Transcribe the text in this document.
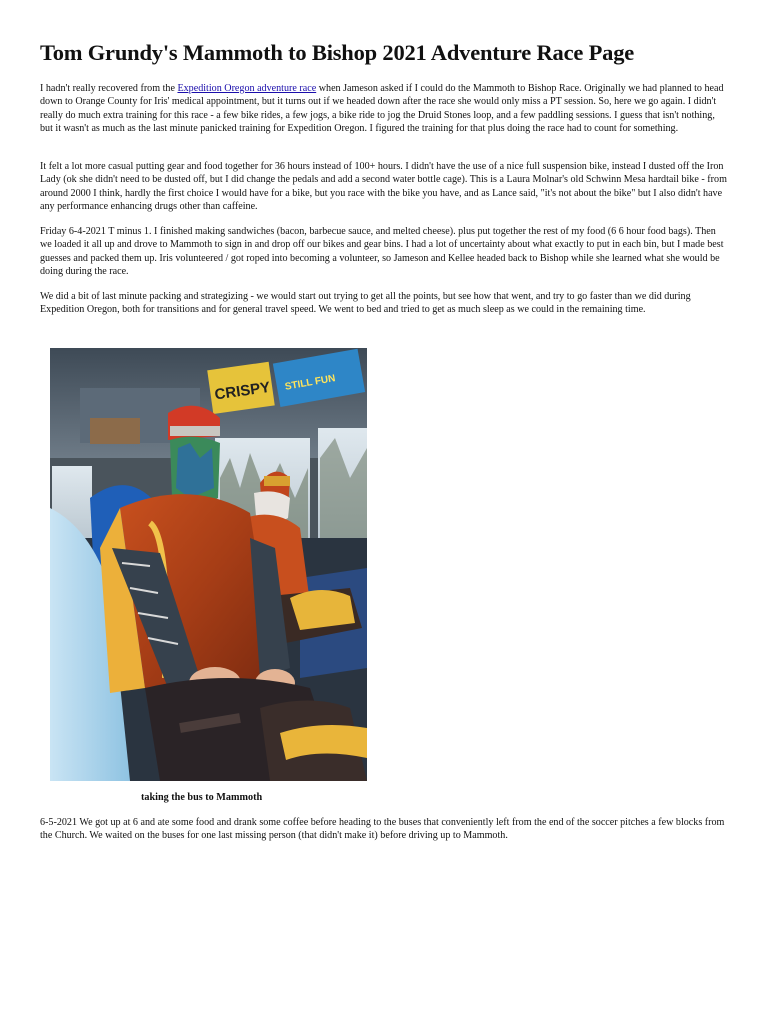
Tom Grundy's Mammoth to Bishop 2021 Adventure Race Page

I hadn't really recovered from the Expedition Oregon adventure race when Jameson asked if I could do the Mammoth to Bishop Race. Originally we had planned to head down to Orange County for Iris' medical appointment, but it turns out if we headed down after the race she would only miss a PT session. So, here we go again. I didn't really do much extra training for this race - a few bike rides, a few jogs, a bike ride to jog the Druid Stones loop, and a few paddling sessions. I guess that isn't nothing, but it wasn't as much as the last minute panicked training for Expedition Oregon. I figured the training for that plus doing the race had to count for something.

It felt a lot more casual putting gear and food together for 36 hours instead of 100+ hours. I didn't have the use of a nice full suspension bike, instead I dusted off the Iron Lady (ok she didn't need to be dusted off, but I did change the pedals and add a second water bottle cage). This is a Laura Molnar's old Schwinn Mesa hardtail bike - from around 2000 I think, hardly the first choice I would have for a bike, but you race with the bike you have, and as Lance said, "it's not about the bike" but I also didn't have any performance enhancing drugs other than caffeine.

Friday 6-4-2021 T minus 1. I finished making sandwiches (bacon, barbecue sauce, and melted cheese). plus put together the rest of my food (6 6 hour food bags). Then we loaded it all up and drove to Mammoth to sign in and drop off our bikes and gear bins. I had a lot of uncertainty about what exactly to put in each bin, but I made best guesses and packed them up. Iris volunteered / got roped into becoming a volunteer, so Jameson and Kellee headed back to Bishop while she learned what she would be doing during the race.

We did a bit of last minute packing and strategizing - we would start out trying to get all the points, but see how that went, and try to go faster than we did during Expedition Oregon, both for transitions and for general travel speed. We went to bed and tried to get as much sleep as we could in the remaining time.

CRISPY STILL FUN
taking the bus to Mammoth

6-5-2021 We got up at 6 and ate some food and drank some coffee before heading to the buses that conveniently left from the end of the soccer pitches a few blocks from the Church. We waited on the buses for one last missing person (that didn't make it) before driving up to Mammoth.
